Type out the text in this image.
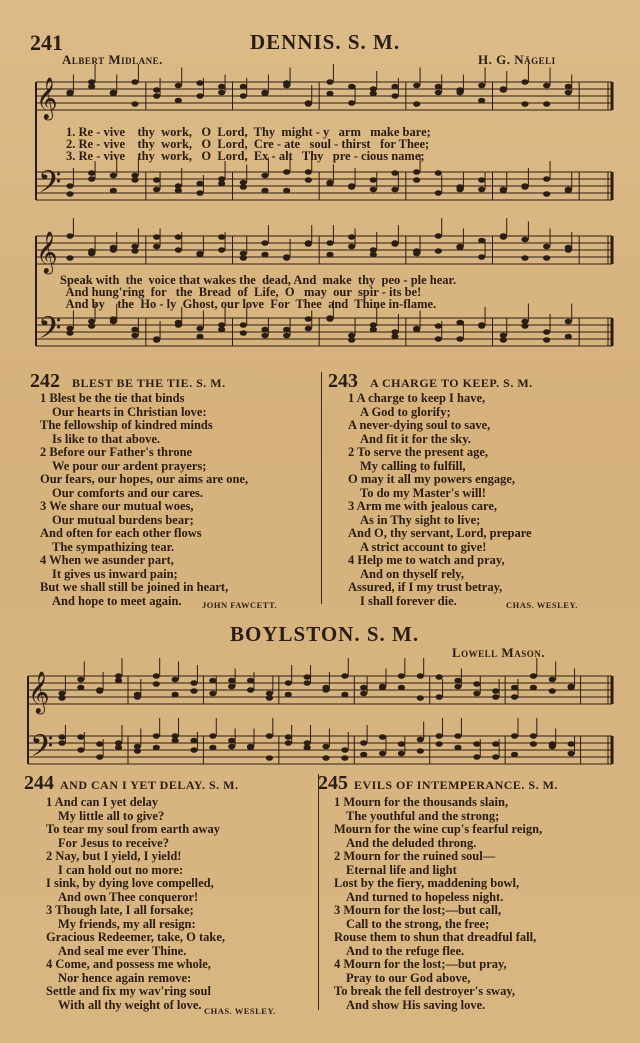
241	DENNIS. S. M.
Albert Midlane.	H. G. Nägeli
𝄞
𝄢
𝄞
𝄢
𝄞
𝄢
1. Re - vive    thy  work,   O  Lord,  Thy  might - y   arm   make bare;
2. Re - vive    thy  work,   O  Lord,  Cre - ate   soul - thirst   for Thee;
3. Re - vive    thy  work,   O  Lord,  Ex - alt   Thy   pre - cious name;
Speak with  the  voice that wakes the  dead, And  make  thy  peo - ple hear.
And hung'ring  for   the  Bread  of  Life,  O   may  our  spir - its be!
And by    the  Ho - ly  Ghost, our love  For  Thee  and  Thine in-flame.
242 BLEST BE THE TIE. S. M.
1 Blest be the tie that binds
Our hearts in Christian love:
The fellowship of kindred minds
Is like to that above.
2 Before our Father's throne
We pour our ardent prayers;
Our fears, our hopes, our aims are one,
Our comforts and our cares.
3 We share our mutual woes,
Our mutual burdens bear;
And often for each other flows
The sympathizing tear.
4 When we asunder part,
It gives us inward pain;
But we shall still be joined in heart,
And hope to meet again.	JOHN FAWCETT.
243 A CHARGE TO KEEP. S. M.
1 A charge to keep I have,
A God to glorify;
A never-dying soul to save,
And fit it for the sky.
2 To serve the present age,
My calling to fulfill,
O may it all my powers engage,
To do my Master's will!
3 Arm me with jealous care,
As in Thy sight to live;
And O, thy servant, Lord, prepare
A strict account to give!
4 Help me to watch and pray,
And on thyself rely,
Assured, if I my trust betray,
I shall forever die.	CHAS. WESLEY.
BOYLSTON. S. M.
Lowell Mason.
244 AND CAN I YET DELAY. S. M.
1 And can I yet delay
My little all to give?
To tear my soul from earth away
For Jesus to receive?
2 Nay, but I yield, I yield!
I can hold out no more:
I sink, by dying love compelled,
And own Thee conqueror!
3 Though late, I all forsake;
My friends, my all resign:
Gracious Redeemer, take, O take,
And seal me ever Thine.
4 Come, and possess me whole,
Nor hence again remove:
Settle and fix my wav'ring soul
With all thy weight of love. CHAS. WESLEY.
245 EVILS OF INTEMPERANCE. S. M.
1 Mourn for the thousands slain,
The youthful and the strong;
Mourn for the wine cup's fearful reign,
And the deluded throng.
2 Mourn for the ruined soul—
Eternal life and light
Lost by the fiery, maddening bowl,
And turned to hopeless night.
3 Mourn for the lost;—but call,
Call to the strong, the free;
Rouse them to shun that dreadful fall,
And to the refuge flee.
4 Mourn for the lost;—but pray,
Pray to our God above,
To break the fell destroyer's sway,
And show His saving love.
